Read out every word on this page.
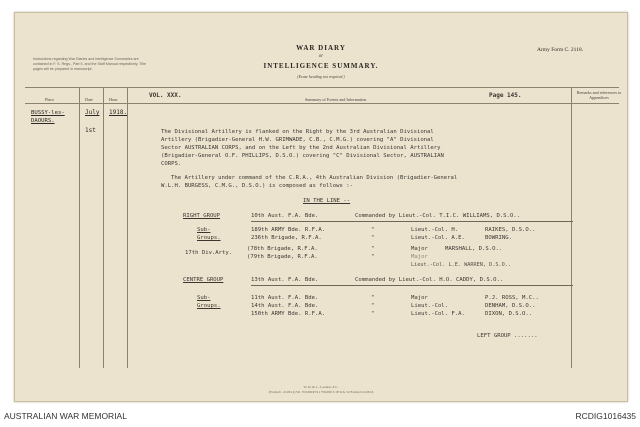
Instructions regarding War Diaries and Intelligence Summaries are contained in F. S. Regs., Part II. and the Staff Manual respectively. Title pages will be prepared in manuscript.
WAR DIARY
or
INTELLIGENCE SUMMARY.
(Erase heading not required.)
Army Form C. 2118.
Place	Date	Hour	Summary of Events and Information
Remarks and references to Appendices
VOL. XXX.	Page 145.
BUSSY-les-DAOURS.
July 1918.
1st	The Divisional Artillery is flanked on the Right by the 3rd Australian Divisional
Artillery (Brigadier-General H.W. GRIMWADE, C.B., C.M.G.) covering "A" Divisional
Sector AUSTRALIAN CORPS, and on the Left by the 2nd Australian Divisional Artillery
(Brigadier-General O.F. PHILLIPS, D.S.O.) covering "C" Divisional Sector, AUSTRALIAN
CORPS.
The Artillery under command of the C.R.A., 4th Australian Division (Brigadier-General
W.L.H. BURGESS, C.M.G., D.S.O.) is composed as follows :-
IN THE LINE --
RIGHT GROUP	10th Aust. F.A. Bde.	Commanded by Lieut.-Col. T.I.C. WILLIAMS, D.S.O..
Sub-
Groups.
17th Div.Arty.
189th ARMY Bde. R.F.A.	"	Lieut.-Col. H.	RAIKES, D.S.O..
236th Brigade, R.F.A.	"	Lieut.-Col. A.E.	BOWRING.
(78th Brigade, R.F.A.	"	Major	MARSHALL, D.S.O..
(79th Brigade, R.F.A.	"	Major
Lieut.-Col. L.E. WARREN, D.S.O..
CENTRE GROUP	13th Aust. F.A. Bde.	Commanded by Lieut.-Col. H.O. CADDY, D.S.O..
Sub-
Groups.
11th Aust. F.A. Bde.	"	Major	P.J. ROSS, M.C..
14th Aust. F.A. Bde.	"	Lieut.-Col.	DENHAM, D.S.O..
150th ARMY Bde. R.F.A.	"	Lieut.-Col. F.A.	DIXON, D.S.O..
LEFT GROUP .......
W. D. & L., London, E.C.
(Forms/C. 2118/12) Wt. W5299/P741 750,000 3/18 Sch. 52 Forms/C2118/16
AUSTRALIAN WAR MEMORIAL	RCDIG1016435
